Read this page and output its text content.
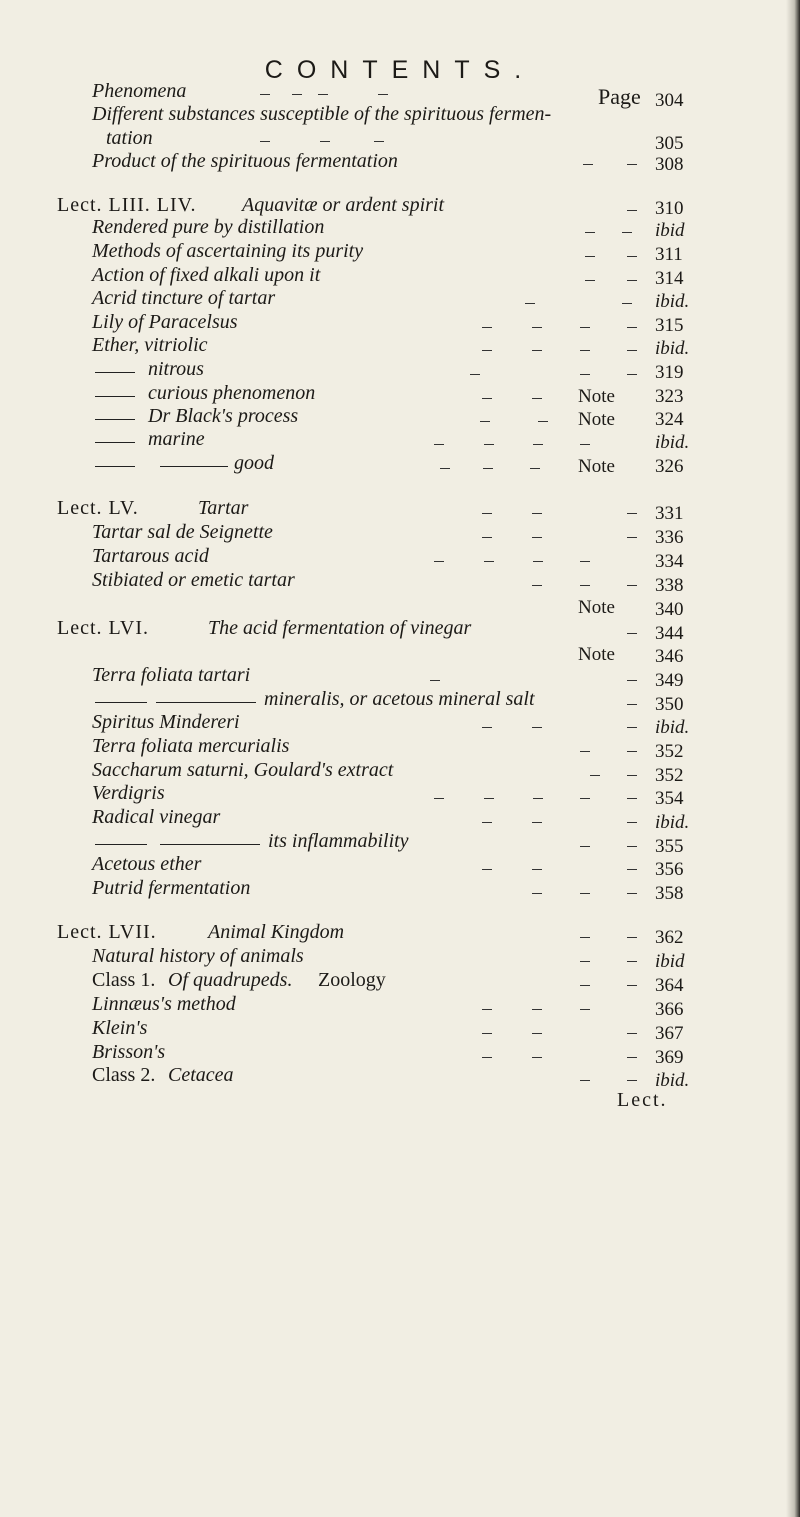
CONTENTS.
Phenomena	Page 304
Different substances susceptible of the spirituous fermen-
tation	305
Product of the spirituous fermentation	308
Lect. LIII. LIV. Aquavitæ or ardent spirit	310
Rendered pure by distillation	ibid
Methods of ascertaining its purity	311
Action of fixed alkali upon it	314
Acrid tincture of tartar	ibid.
Lily of Paracelsus	315
Ether, vitriolic	ibid.
nitrous	319
curious phenomenon	Note 323
Dr Black's process	Note 324
marine	ibid.
good	Note 326
Lect. LV.	Tartar	331
Tartar sal de Seignette	336
Tartarous acid	334
Stibiated or emetic tartar	338
Note 340
Lect. LVI.	The acid fermentation of vinegar	344
Note 346
Terra foliata tartari	349
mineralis, or acetous mineral salt	350
Spiritus Mindereri	ibid.
Terra foliata mercurialis	352
Saccharum saturni, Goulard's extract	352
Verdigris	354
Radical vinegar	ibid.
its inflammability	355
Acetous ether	356
Putrid fermentation	358
Lect. LVII.	Animal Kingdom	362
Natural history of animals	ibid
Class 1. Of quadrupeds. Zoology	364
Linnæus's method	366
Klein's	367
Brisson's	369
Class 2. Cetacea	ibid.
Lect.
